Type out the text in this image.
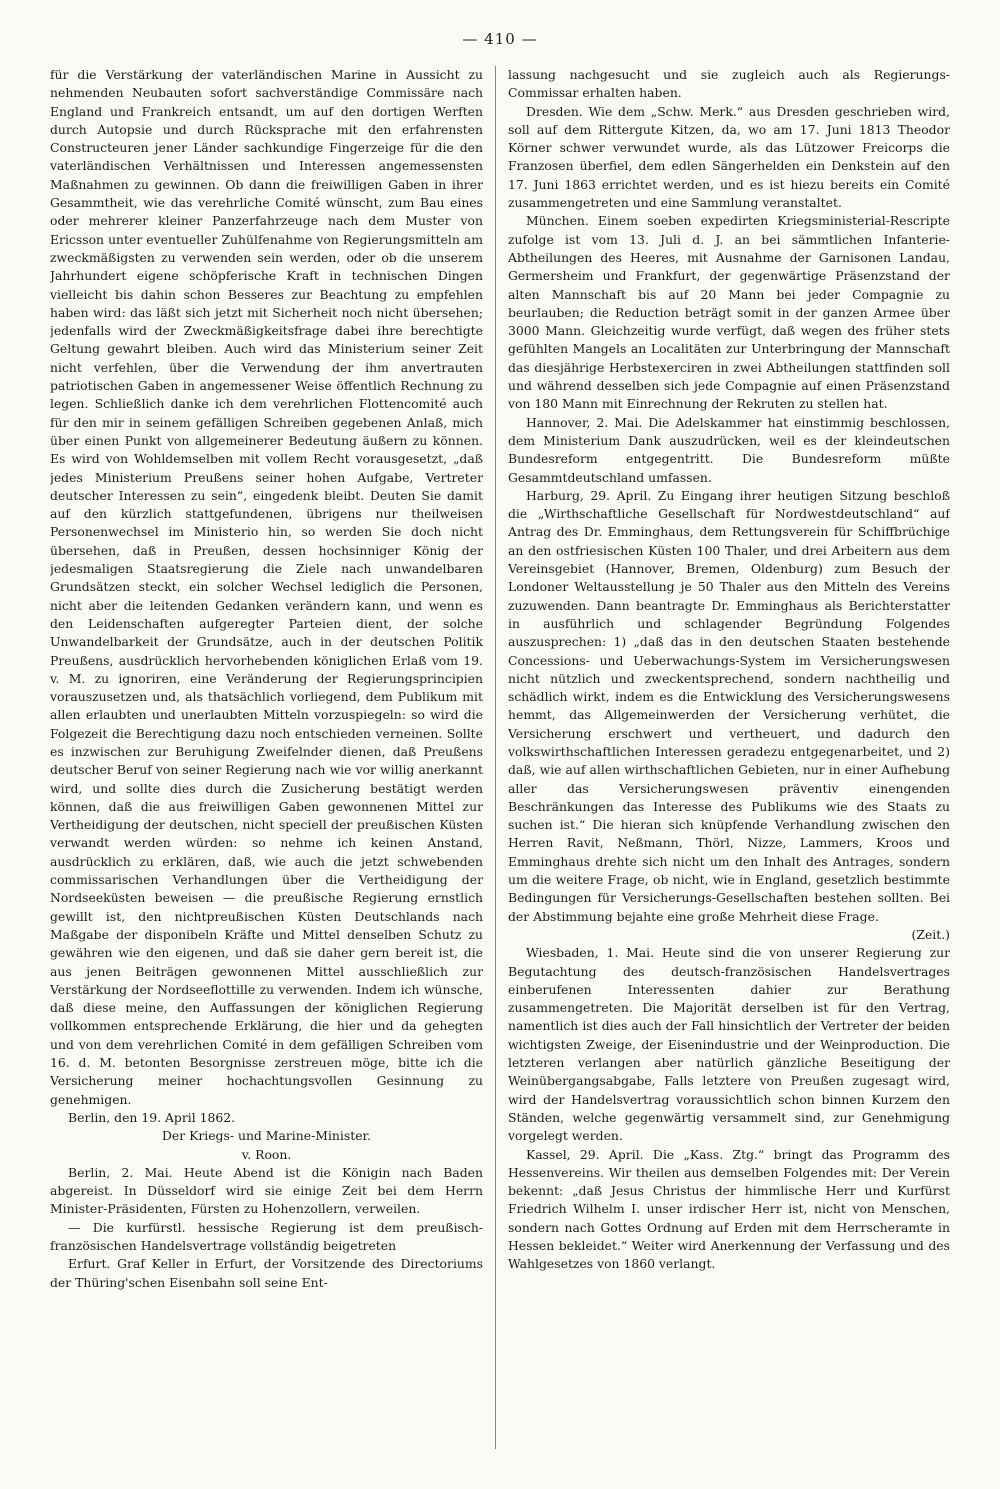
— 410 —

für die Verstärkung der vaterländischen Marine in Aussicht zu nehmenden Neubauten sofort sachverständige Commissäre nach England und Frankreich entsandt, um auf den dortigen Werften durch Autopsie und durch Rücksprache mit den erfahrensten Constructeuren jener Länder sachkundige Fingerzeige für die den vaterländischen Verhältnissen und Interessen angemessensten Maßnahmen zu gewinnen. Ob dann die freiwilligen Gaben in ihrer Gesammtheit, wie das verehrliche Comité wünscht, zum Bau eines oder mehrerer kleiner Panzerfahrzeuge nach dem Muster von Ericsson unter eventueller Zuhülfenahme von Regierungsmitteln am zweckmäßigsten zu verwenden sein werden, oder ob die unserem Jahrhundert eigene schöpferische Kraft in technischen Dingen vielleicht bis dahin schon Besseres zur Beachtung zu empfehlen haben wird: das läßt sich jetzt mit Sicherheit noch nicht übersehen; jedenfalls wird der Zweckmäßigkeitsfrage dabei ihre berechtigte Geltung gewahrt bleiben. Auch wird das Ministerium seiner Zeit nicht verfehlen, über die Verwendung der ihm anvertrauten patriotischen Gaben in angemessener Weise öffentlich Rechnung zu legen. Schließlich danke ich dem verehrlichen Flottencomité auch für den mir in seinem gefälligen Schreiben gegebenen Anlaß, mich über einen Punkt von allgemeinerer Bedeutung äußern zu können. Es wird von Wohldemselben mit vollem Recht vorausgesetzt, „daß jedes Ministerium Preußens seiner hohen Aufgabe, Vertreter deutscher Interessen zu sein“, eingedenk bleibt. Deuten Sie damit auf den kürzlich stattgefundenen, übrigens nur theilweisen Personenwechsel im Ministerio hin, so werden Sie doch nicht übersehen, daß in Preußen, dessen hochsinniger König der jedesmaligen Staatsregierung die Ziele nach unwandelbaren Grundsätzen steckt, ein solcher Wechsel lediglich die Personen, nicht aber die leitenden Gedanken verändern kann, und wenn es den Leidenschaften aufgeregter Parteien dient, der solche Unwandelbarkeit der Grundsätze, auch in der deutschen Politik Preußens, ausdrücklich hervorhebenden königlichen Erlaß vom 19. v. M. zu ignoriren, eine Veränderung der Regierungsprincipien vorauszusetzen und, als thatsächlich vorliegend, dem Publikum mit allen erlaubten und unerlaubten Mitteln vorzuspiegeln: so wird die Folgezeit die Berechtigung dazu noch entschieden verneinen. Sollte es inzwischen zur Beruhigung Zweifelnder dienen, daß Preußens deutscher Beruf von seiner Regierung nach wie vor willig anerkannt wird, und sollte dies durch die Zusicherung bestätigt werden können, daß die aus freiwilligen Gaben gewonnenen Mittel zur Vertheidigung der deutschen, nicht speciell der preußischen Küsten verwandt werden würden: so nehme ich keinen Anstand, ausdrücklich zu erklären, daß, wie auch die jetzt schwebenden commissarischen Verhandlungen über die Vertheidigung der Nordseeküsten beweisen — die preußische Regierung ernstlich gewillt ist, den nichtpreußischen Küsten Deutschlands nach Maßgabe der disponibeln Kräfte und Mittel denselben Schutz zu gewähren wie den eigenen, und daß sie daher gern bereit ist, die aus jenen Beiträgen gewonnenen Mittel ausschließlich zur Verstärkung der Nordseeflottille zu verwenden. Indem ich wünsche, daß diese meine, den Auffassungen der königlichen Regierung vollkommen entsprechende Erklärung, die hier und da gehegten und von dem verehrlichen Comité in dem gefälligen Schreiben vom 16. d. M. betonten Besorgnisse zerstreuen möge, bitte ich die Versicherung meiner hochachtungsvollen Gesinnung zu genehmigen.

Berlin, den 19. April 1862.

Der Kriegs- und Marine-Minister.

v. Roon.

Berlin, 2. Mai. Heute Abend ist die Königin nach Baden abgereist. In Düsseldorf wird sie einige Zeit bei dem Herrn Minister-Präsidenten, Fürsten zu Hohenzollern, verweilen.

— Die kurfürstl. hessische Regierung ist dem preußisch-französischen Handelsvertrage vollständig beigetreten

Erfurt. Graf Keller in Erfurt, der Vorsitzende des Directoriums der Thüring'schen Eisenbahn soll seine Ent-

lassung nachgesucht und sie zugleich auch als Regierungs-Commissar erhalten haben.

Dresden. Wie dem „Schw. Merk.“ aus Dresden geschrieben wird, soll auf dem Rittergute Kitzen, da, wo am 17. Juni 1813 Theodor Körner schwer verwundet wurde, als das Lützower Freicorps die Franzosen überfiel, dem edlen Sängerhelden ein Denkstein auf den 17. Juni 1863 errichtet werden, und es ist hiezu bereits ein Comité zusammengetreten und eine Sammlung veranstaltet.

München. Einem soeben expedirten Kriegsministerial-Rescripte zufolge ist vom 13. Juli d. J. an bei sämmtlichen Infanterie-Abtheilungen des Heeres, mit Ausnahme der Garnisonen Landau, Germersheim und Frankfurt, der gegenwärtige Präsenzstand der alten Mannschaft bis auf 20 Mann bei jeder Compagnie zu beurlauben; die Reduction beträgt somit in der ganzen Armee über 3000 Mann. Gleichzeitig wurde verfügt, daß wegen des früher stets gefühlten Mangels an Localitäten zur Unterbringung der Mannschaft das diesjährige Herbstexerciren in zwei Abtheilungen stattfinden soll und während desselben sich jede Compagnie auf einen Präsenzstand von 180 Mann mit Einrechnung der Rekruten zu stellen hat.

Hannover, 2. Mai. Die Adelskammer hat einstimmig beschlossen, dem Ministerium Dank auszudrücken, weil es der kleindeutschen Bundesreform entgegentritt. Die Bundesreform müßte Gesammtdeutschland umfassen.

Harburg, 29. April. Zu Eingang ihrer heutigen Sitzung beschloß die „Wirthschaftliche Gesellschaft für Nordwestdeutschland“ auf Antrag des Dr. Emminghaus, dem Rettungsverein für Schiffbrüchige an den ostfriesischen Küsten 100 Thaler, und drei Arbeitern aus dem Vereinsgebiet (Hannover, Bremen, Oldenburg) zum Besuch der Londoner Weltausstellung je 50 Thaler aus den Mitteln des Vereins zuzuwenden. Dann beantragte Dr. Emminghaus als Berichterstatter in ausführlich und schlagender Begründung Folgendes auszusprechen: 1) „daß das in den deutschen Staaten bestehende Concessions- und Ueberwachungs-System im Versicherungswesen nicht nützlich und zweckentsprechend, sondern nachtheilig und schädlich wirkt, indem es die Entwicklung des Versicherungswesens hemmt, das Allgemeinwerden der Versicherung verhütet, die Versicherung erschwert und vertheuert, und dadurch den volkswirthschaftlichen Interessen geradezu entgegenarbeitet, und 2) daß, wie auf allen wirthschaftlichen Gebieten, nur in einer Aufhebung aller das Versicherungswesen präventiv einengenden Beschränkungen das Interesse des Publikums wie des Staats zu suchen ist.“ Die hieran sich knüpfende Verhandlung zwischen den Herren Ravit, Neßmann, Thörl, Nizze, Lammers, Kroos und Emminghaus drehte sich nicht um den Inhalt des Antrages, sondern um die weitere Frage, ob nicht, wie in England, gesetzlich bestimmte Bedingungen für Versicherungs-Gesellschaften bestehen sollten. Bei der Abstimmung bejahte eine große Mehrheit diese Frage.

(Zeit.)

Wiesbaden, 1. Mai. Heute sind die von unserer Regierung zur Begutachtung des deutsch-französischen Handelsvertrages einberufenen Interessenten dahier zur Berathung zusammengetreten. Die Majorität derselben ist für den Vertrag, namentlich ist dies auch der Fall hinsichtlich der Vertreter der beiden wichtigsten Zweige, der Eisenindustrie und der Weinproduction. Die letzteren verlangen aber natürlich gänzliche Beseitigung der Weinübergangsabgabe, Falls letztere von Preußen zugesagt wird, wird der Handelsvertrag voraussichtlich schon binnen Kurzem den Ständen, welche gegenwärtig versammelt sind, zur Genehmigung vorgelegt werden.

Kassel, 29. April. Die „Kass. Ztg.“ bringt das Programm des Hessenvereins. Wir theilen aus demselben Folgendes mit: Der Verein bekennt: „daß Jesus Christus der himmlische Herr und Kurfürst Friedrich Wilhelm I. unser irdischer Herr ist, nicht von Menschen, sondern nach Gottes Ordnung auf Erden mit dem Herrscheramte in Hessen bekleidet.“ Weiter wird Anerkennung der Verfassung und des Wahlgesetzes von 1860 verlangt.
